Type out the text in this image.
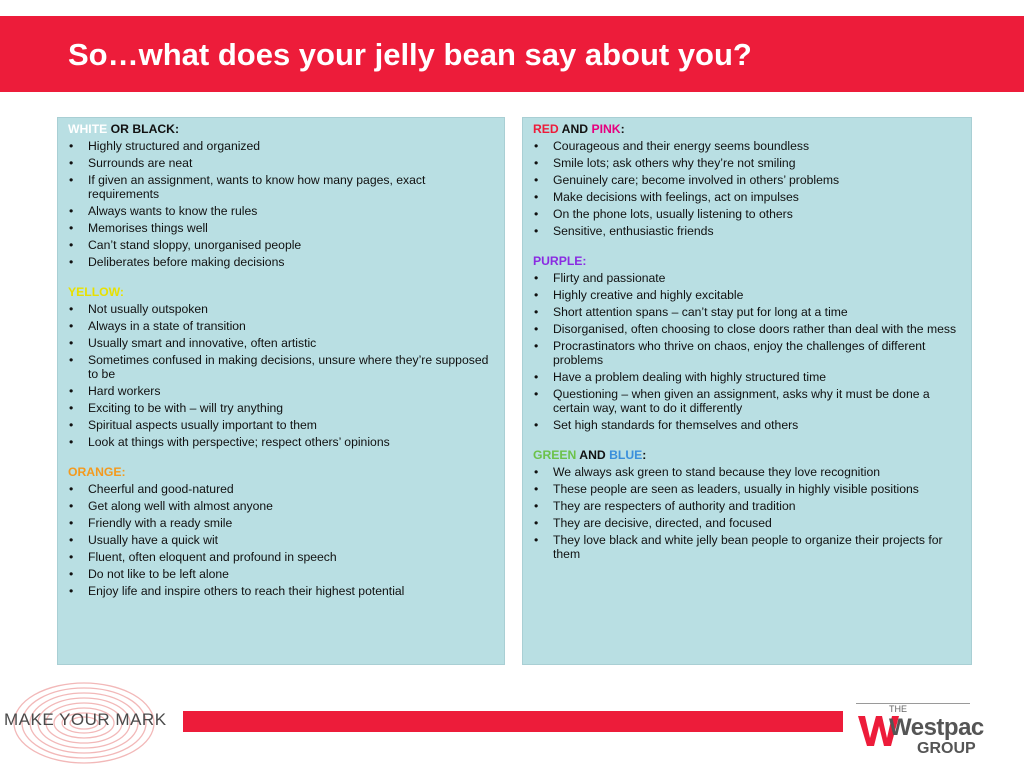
So…what does your jelly bean say about you?
WHITE OR BLACK:
• Highly structured and organized
• Surrounds are neat
• If given an assignment, wants to know how many pages, exact requirements
• Always wants to know the rules
• Memorises things well
• Can’t stand sloppy, unorganised people
• Deliberates before making decisions
YELLOW:
• Not usually outspoken
• Always in a state of transition
• Usually smart and innovative, often artistic
• Sometimes confused in making decisions, unsure where they’re supposed to be
• Hard workers
• Exciting to be with – will try anything
• Spiritual aspects usually important to them
• Look at things with perspective; respect others’ opinions
ORANGE:
• Cheerful and good-natured
• Get along well with almost anyone
• Friendly with a ready smile
• Usually have a quick wit
• Fluent, often eloquent and profound in speech
• Do not like to be left alone
• Enjoy life and inspire others to reach their highest potential
RED AND PINK:
• Courageous and their energy seems boundless
• Smile lots; ask others why they’re not smiling
• Genuinely care; become involved in others’ problems
• Make decisions with feelings, act on impulses
• On the phone lots, usually listening to others
• Sensitive, enthusiastic friends
PURPLE:
• Flirty and passionate
• Highly creative and highly excitable
• Short attention spans – can’t stay put for long at a time
• Disorganised, often choosing to close doors rather than deal with the mess
• Procrastinators who thrive on chaos, enjoy the challenges of different problems
• Have a problem dealing with highly structured time
• Questioning – when given an assignment, asks why it must be done a certain way, want to do it differently
• Set high standards for themselves and others
GREEN AND BLUE:
• We always ask green to stand because they love recognition
• These people are seen as leaders, usually in highly visible positions
• They are respecters of authority and tradition
• They are decisive, directed, and focused
• They love black and white jelly bean people to organize their projects for them
MAKE YOUR MARK
THE
Westpac
GROUP
